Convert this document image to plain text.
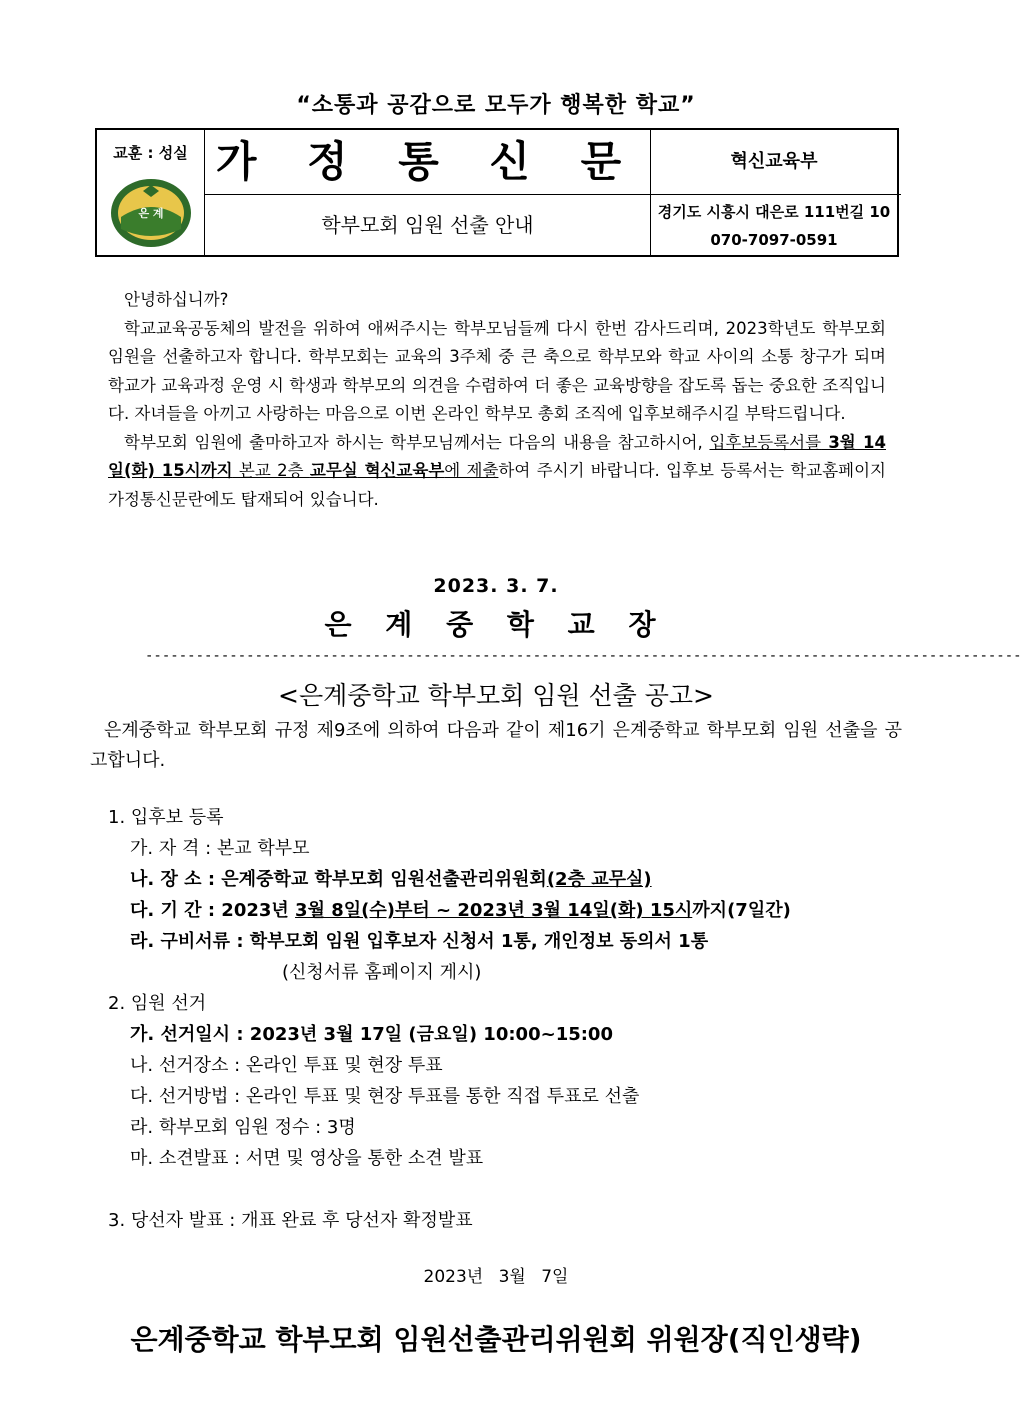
“소통과 공감으로 모두가 행복한 학교”
교훈 : 성실
은 계
가 정 통 신 문	혁신교육부
학부모회 임원 선출 안내
경기도 시흥시 대은로 111번길 10
070-7097-0591

안녕하십니까?

학교교육공동체의 발전을 위하여 애써주시는 학부모님들께 다시 한번 감사드리며, 2023학년도 학부모회 임원을 선출하고자 합니다. 학부모회는 교육의 3주체 중 큰 축으로 학부모와 학교 사이의 소통 창구가 되며 학교가 교육과정 운영 시 학생과 학부모의 의견을 수렴하여 더 좋은 교육방향을 잡도록 돕는 중요한 조직입니다. 자녀들을 아끼고 사랑하는 마음으로 이번 온라인 학부모 총회 조직에 입후보해주시길 부탁드립니다.

학부모회 임원에 출마하고자 하시는 학부모님께서는 다음의 내용을 참고하시어, 입후보등록서를 3월 14일(화) 15시까지 본교 2층 교무실 혁신교육부에 제출하여 주시기 바랍니다. 입후보 등록서는 학교홈페이지 가정통신문란에도 탑재되어 있습니다.

2023. 3. 7.
은 계 중 학 교 장
--------------------------------------------------------------------------------------------------------
<은계중학교 학부모회 임원 선출 공고>

은계중학교 학부모회 규정 제9조에 의하여 다음과 같이 제16기 은계중학교 학부모회 임원 선출을 공고합니다.

1. 입후보 등록
가. 자 격 : 본교 학부모
나. 장 소 : 은계중학교 학부모회 임원선출관리위원회(2층 교무실)
다. 기 간 : 2023년 3월 8일(수)부터 ~ 2023년 3월 14일(화) 15시까지(7일간)
라. 구비서류 : 학부모회 임원 입후보자 신청서 1통, 개인정보 동의서 1통
(신청서류 홈페이지 게시)
2. 임원 선거
가. 선거일시 : 2023년 3월 17일 (금요일) 10:00~15:00
나. 선거장소 : 온라인 투표 및 현장 투표
다. 선거방법 : 온라인 투표 및 현장 투표를 통한 직접 투표로 선출
라. 학부모회 임원 정수 : 3명
마. 소견발표 : 서면 및 영상을 통한 소견 발표
3. 당선자 발표 : 개표 완료 후 당선자 확정발표
2023년 3월 7일
은계중학교 학부모회 임원선출관리위원회 위원장(직인생략)
